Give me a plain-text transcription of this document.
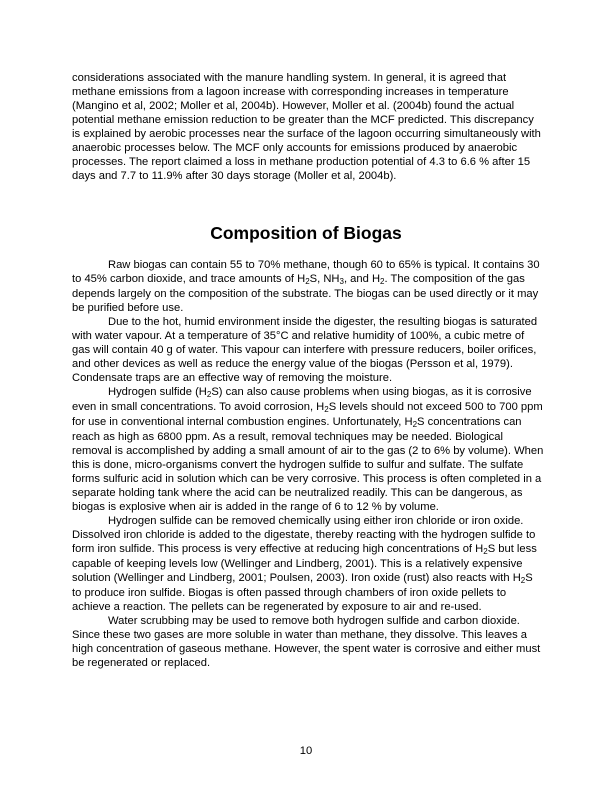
considerations associated with the manure handling system. In general, it is agreed that methane emissions from a lagoon increase with corresponding increases in temperature (Mangino et al, 2002; Moller et al, 2004b). However, Moller et al. (2004b) found the actual potential methane emission reduction to be greater than the MCF predicted. This discrepancy is explained by aerobic processes near the surface of the lagoon occurring simultaneously with anaerobic processes below. The MCF only accounts for emissions produced by anaerobic processes. The report claimed a loss in methane production potential of 4.3 to 6.6 % after 15 days and 7.7 to 11.9% after 30 days storage (Moller et al, 2004b).

Composition of Biogas

Raw biogas can contain 55 to 70% methane, though 60 to 65% is typical. It contains 30 to 45% carbon dioxide, and trace amounts of H2S, NH3, and H2. The composition of the gas depends largely on the composition of the substrate. The biogas can be used directly or it may be purified before use.

Due to the hot, humid environment inside the digester, the resulting biogas is saturated with water vapour. At a temperature of 35°C and relative humidity of 100%, a cubic metre of gas will contain 40 g of water. This vapour can interfere with pressure reducers, boiler orifices, and other devices as well as reduce the energy value of the biogas (Persson et al, 1979). Condensate traps are an effective way of removing the moisture.

Hydrogen sulfide (H2S) can also cause problems when using biogas, as it is corrosive even in small concentrations. To avoid corrosion, H2S levels should not exceed 500 to 700 ppm for use in conventional internal combustion engines. Unfortunately, H2S concentrations can reach as high as 6800 ppm. As a result, removal techniques may be needed. Biological removal is accomplished by adding a small amount of air to the gas (2 to 6% by volume). When this is done, micro-organisms convert the hydrogen sulfide to sulfur and sulfate. The sulfate forms sulfuric acid in solution which can be very corrosive. This process is often completed in a separate holding tank where the acid can be neutralized readily. This can be dangerous, as biogas is explosive when air is added in the range of 6 to 12 % by volume.

Hydrogen sulfide can be removed chemically using either iron chloride or iron oxide. Dissolved iron chloride is added to the digestate, thereby reacting with the hydrogen sulfide to form iron sulfide. This process is very effective at reducing high concentrations of H2S but less capable of keeping levels low (Wellinger and Lindberg, 2001). This is a relatively expensive solution (Wellinger and Lindberg, 2001; Poulsen, 2003). Iron oxide (rust) also reacts with H2S to produce iron sulfide. Biogas is often passed through chambers of iron oxide pellets to achieve a reaction. The pellets can be regenerated by exposure to air and re-used.

Water scrubbing may be used to remove both hydrogen sulfide and carbon dioxide. Since these two gases are more soluble in water than methane, they dissolve. This leaves a high concentration of gaseous methane. However, the spent water is corrosive and either must be regenerated or replaced.

10
